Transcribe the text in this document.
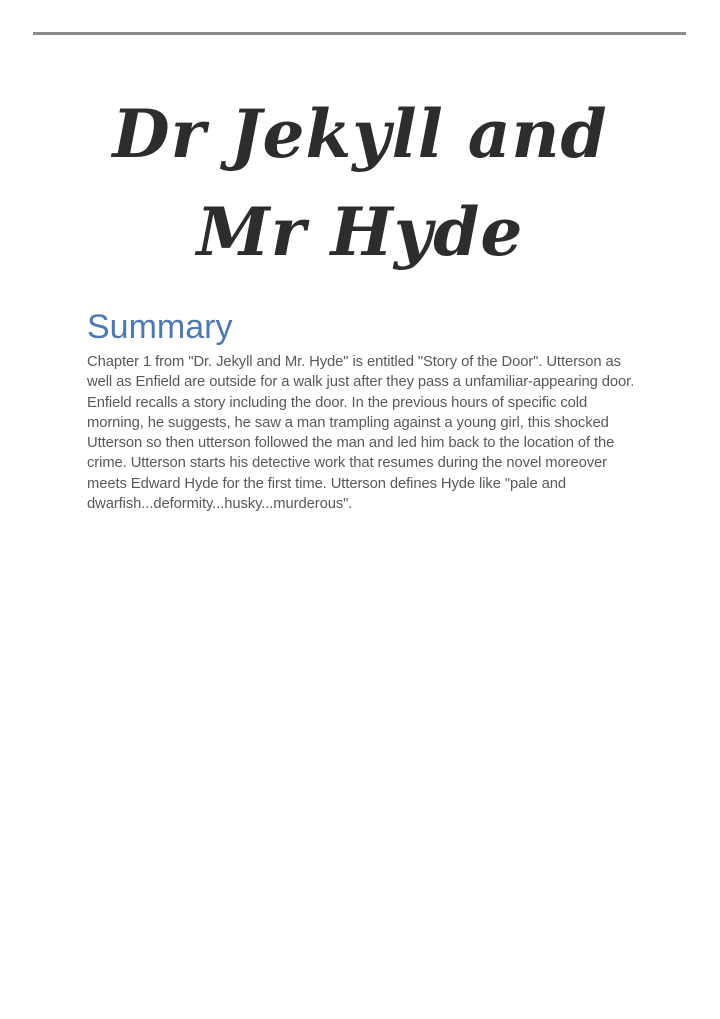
Dr Jekyll and Mr Hyde
Summary

Chapter 1 from "Dr. Jekyll and Mr. Hyde" is entitled "Story of the Door". Utterson as well as Enfield are outside for a walk just after they pass a unfamiliar-appearing door. Enfield recalls a story including the door. In the previous hours of specific cold morning, he suggests, he saw a man trampling against a young girl, this shocked Utterson so then utterson followed the man and led him back to the location of the crime. Utterson starts his detective work that resumes during the novel moreover meets Edward Hyde for the first time. Utterson defines Hyde like "pale and dwarfish...deformity...husky...murderous".
